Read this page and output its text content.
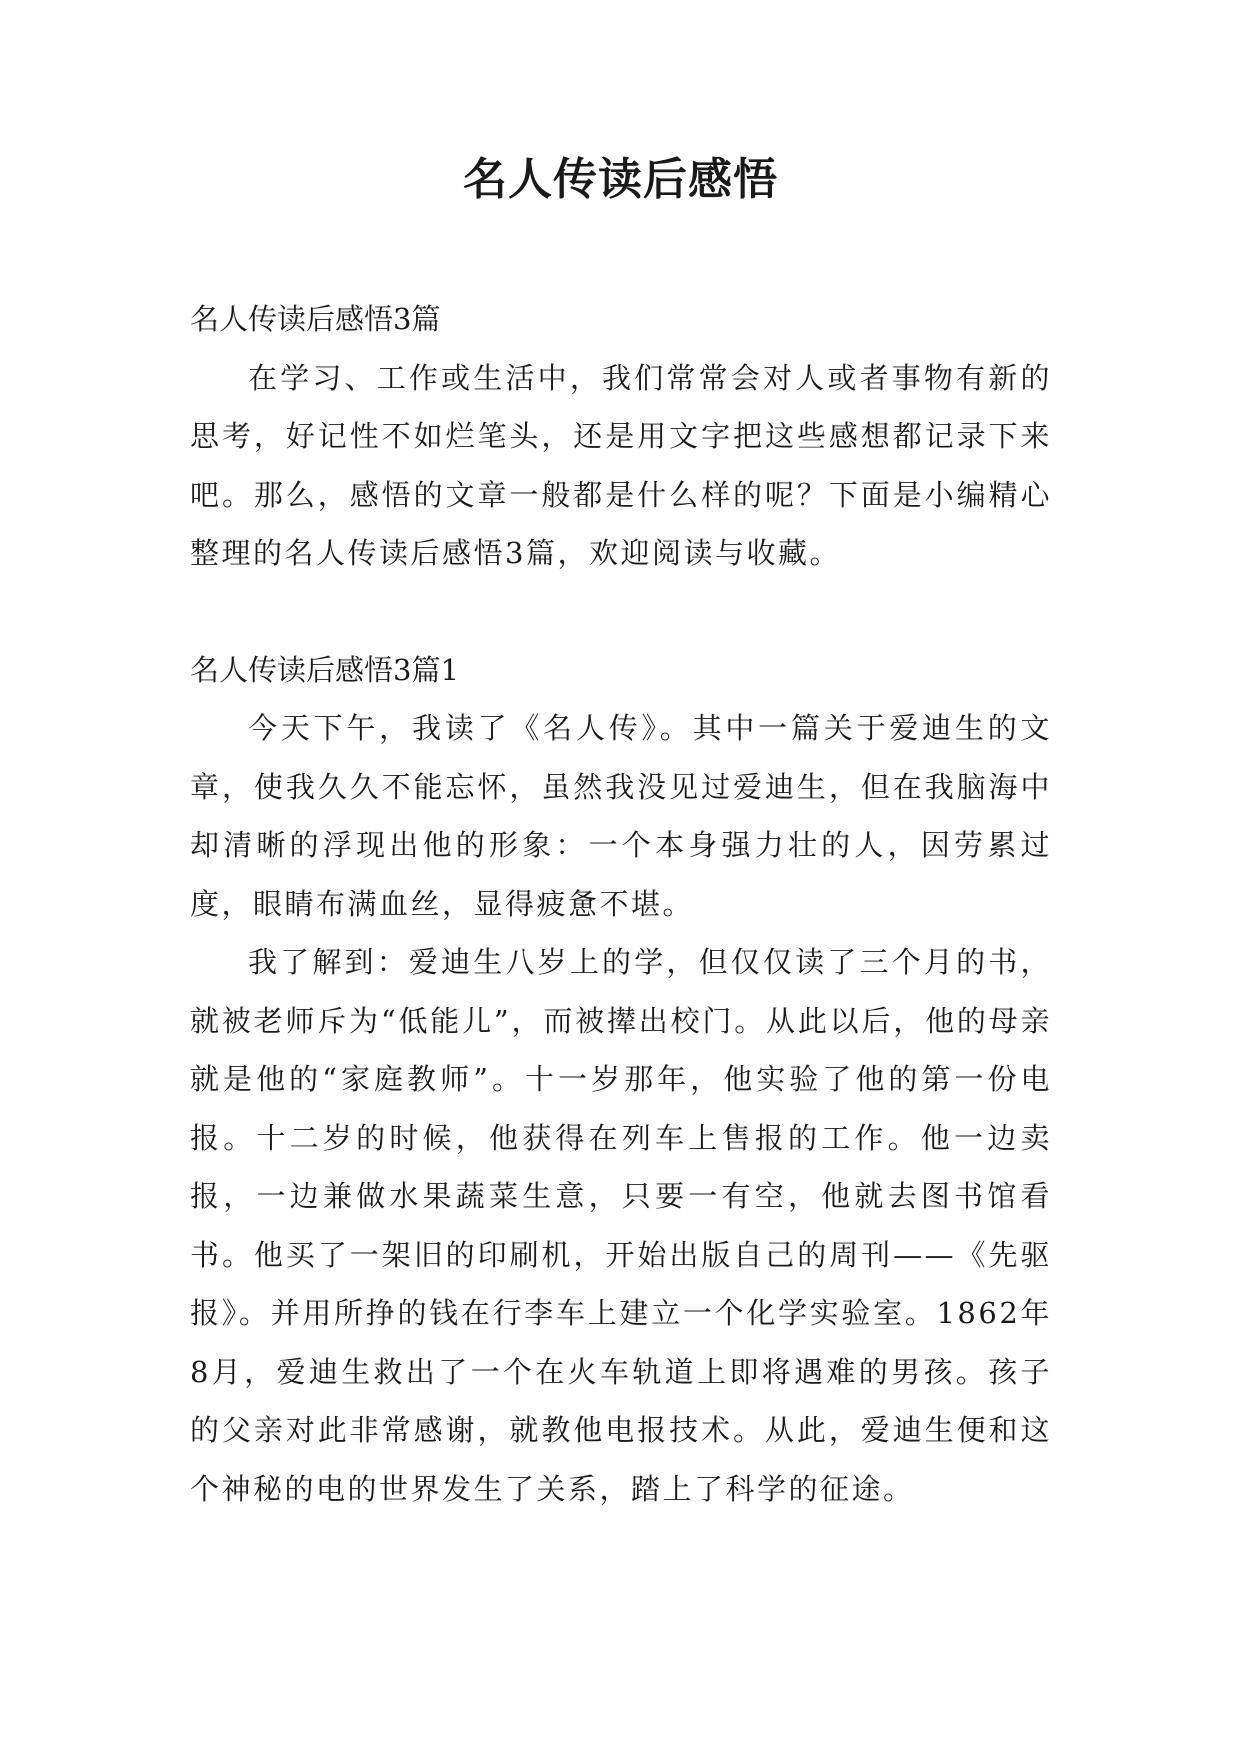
名人传读后感悟

名人传读后感悟3篇

在学习、工作或生活中，我们常常会对人或者事物有新的思考，好记性不如烂笔头，还是用文字把这些感想都记录下来吧。那么，感悟的文章一般都是什么样的呢？下面是小编精心整理的名人传读后感悟3篇，欢迎阅读与收藏。

名人传读后感悟3篇1

今天下午，我读了《名人传》。其中一篇关于爱迪生的文章，使我久久不能忘怀，虽然我没见过爱迪生，但在我脑海中却清晰的浮现出他的形象：一个本身强力壮的人，因劳累过度，眼睛布满血丝，显得疲惫不堪。

我了解到：爱迪生八岁上的学，但仅仅读了三个月的书，就被老师斥为“低能儿”，而被撵出校门。从此以后，他的母亲就是他的“家庭教师”。十一岁那年，他实验了他的第一份电报。十二岁的时候，他获得在列车上售报的工作。他一边卖报，一边兼做水果蔬菜生意，只要一有空，他就去图书馆看书。他买了一架旧的印刷机，开始出版自己的周刊——《先驱报》。并用所挣的钱在行李车上建立一个化学实验室。1862年8月，爱迪生救出了一个在火车轨道上即将遇难的男孩。孩子的父亲对此非常感谢，就教他电报技术。从此，爱迪生便和这个神秘的电的世界发生了关系，踏上了科学的征途。
